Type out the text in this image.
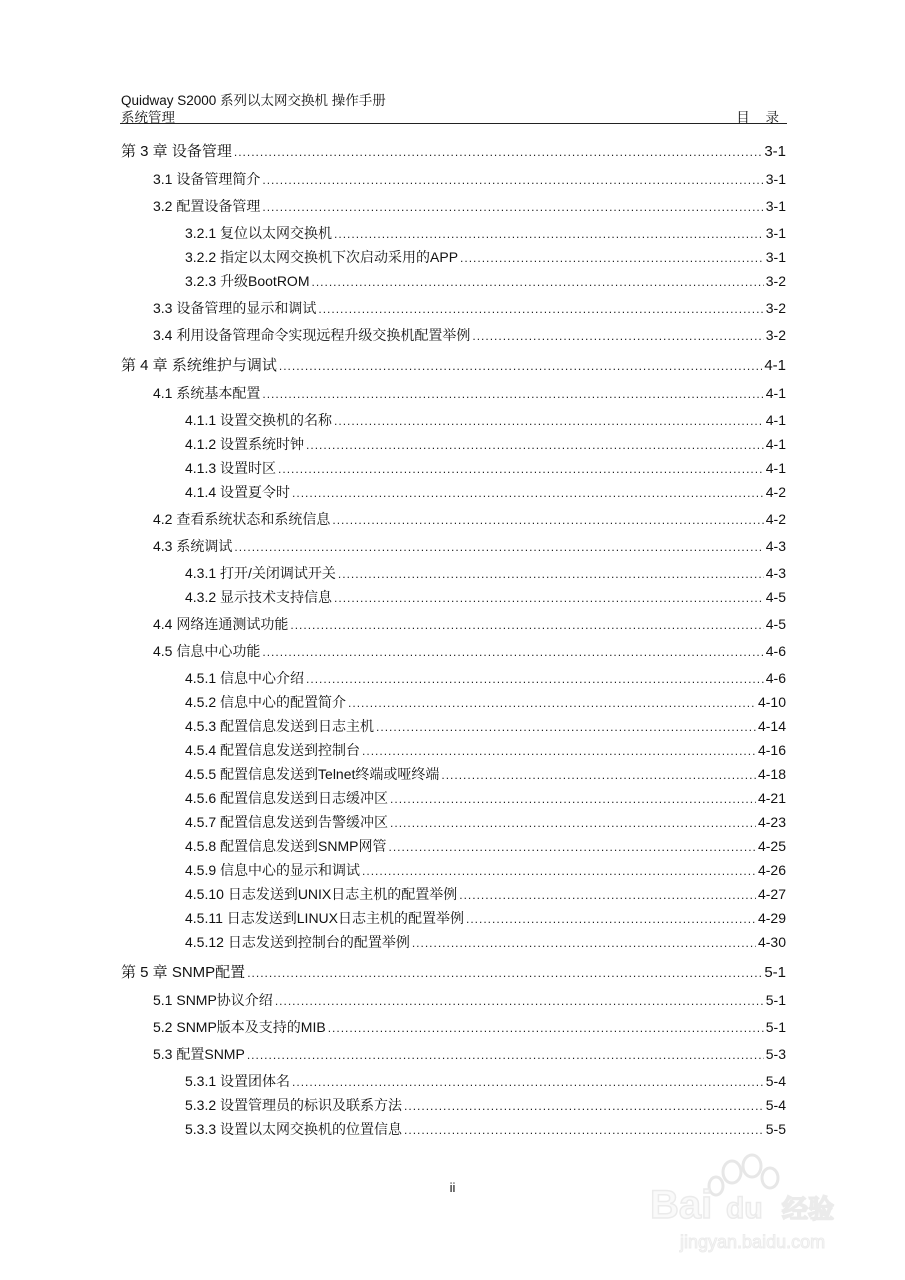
Quidway S2000 系列以太网交换机 操作手册
系统管理	目 录
第 3 章 设备管理 .....	3-1
3.1 设备管理简介 .....	3-1
3.2 配置设备管理 .....	3-1
3.2.1 复位以太网交换机 .....	3-1
3.2.2 指定以太网交换机下次启动采用的APP .....	3-1
3.2.3 升级BootROM .....	3-2
3.3 设备管理的显示和调试 .....	3-2
3.4 利用设备管理命令实现远程升级交换机配置举例 .....	3-2
第 4 章 系统维护与调试 .....	4-1
4.1 系统基本配置 .....	4-1
4.1.1 设置交换机的名称 .....	4-1
4.1.2 设置系统时钟 .....	4-1
4.1.3 设置时区 .....	4-1
4.1.4 设置夏令时 .....	4-2
4.2 查看系统状态和系统信息 .....	4-2
4.3 系统调试 .....	4-3
4.3.1 打开/关闭调试开关 .....	4-3
4.3.2 显示技术支持信息 .....	4-5
4.4 网络连通测试功能 .....	4-5
4.5 信息中心功能 .....	4-6
4.5.1 信息中心介绍 .....	4-6
4.5.2 信息中心的配置简介 .....	4-10
4.5.3 配置信息发送到日志主机 .....	4-14
4.5.4 配置信息发送到控制台 .....	4-16
4.5.5 配置信息发送到Telnet终端或哑终端 .....	4-18
4.5.6 配置信息发送到日志缓冲区 .....	4-21
4.5.7 配置信息发送到告警缓冲区 .....	4-23
4.5.8 配置信息发送到SNMP网管 .....	4-25
4.5.9 信息中心的显示和调试 .....	4-26
4.5.10 日志发送到UNIX日志主机的配置举例 .....	4-27
4.5.11 日志发送到LINUX日志主机的配置举例 .....	4-29
4.5.12 日志发送到控制台的配置举例 .....	4-30
第 5 章 SNMP配置 .....	5-1
5.1 SNMP协议介绍 .....	5-1
5.2 SNMP版本及支持的MIB .....	5-1
5.3 配置SNMP .....	5-3
5.3.1 设置团体名 .....	5-4
5.3.2 设置管理员的标识及联系方法 .....	5-4
5.3.3 设置以太网交换机的位置信息 .....	5-5
ii	Bai du 经验
jingyan.baidu.com
